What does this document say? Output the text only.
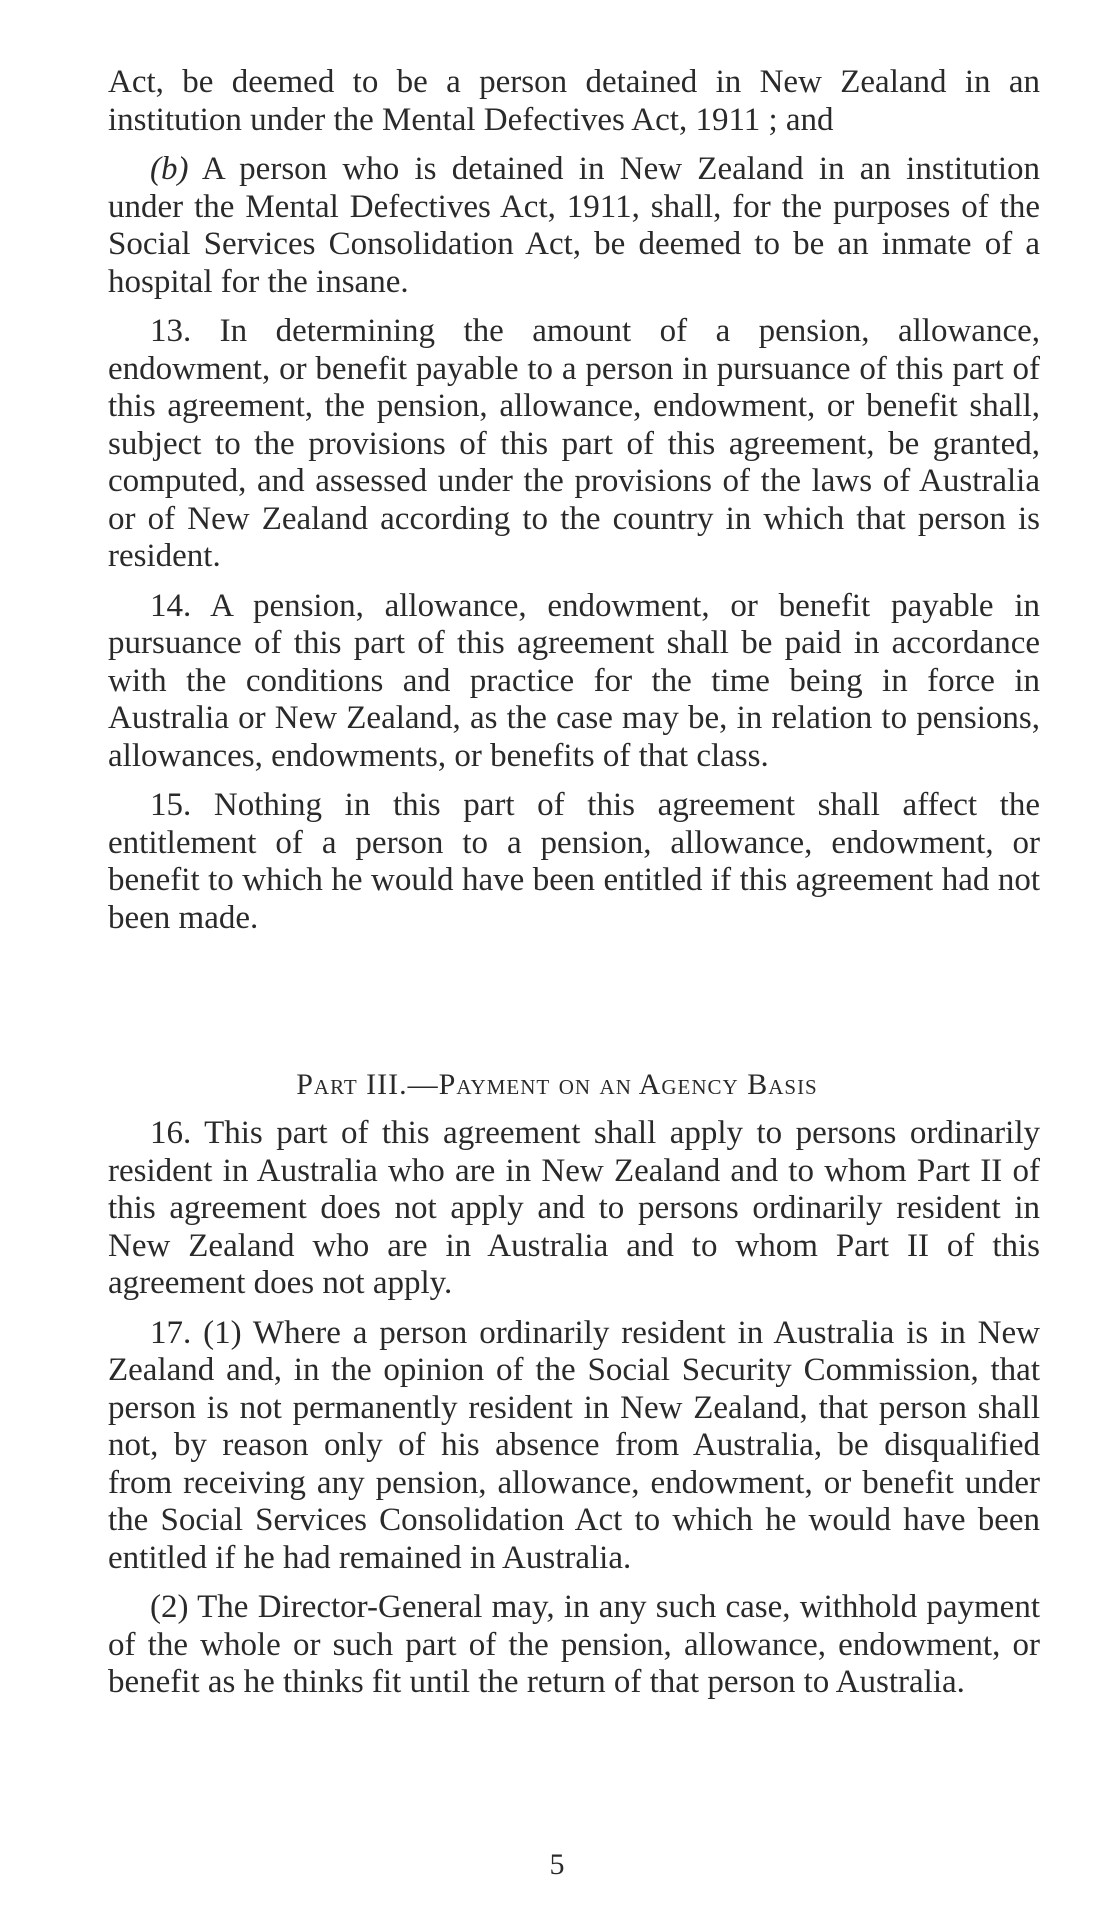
Act, be deemed to be a person detained in New Zealand in an institution under the Mental Defectives Act, 1911 ; and

(b) A person who is detained in New Zealand in an institution under the Mental Defectives Act, 1911, shall, for the purposes of the Social Services Consolidation Act, be deemed to be an inmate of a hospital for the insane.

13. In determining the amount of a pension, allowance, endowment, or benefit payable to a person in pursuance of this part of this agreement, the pension, allowance, endowment, or benefit shall, subject to the provisions of this part of this agreement, be granted, computed, and assessed under the provisions of the laws of Australia or of New Zealand according to the country in which that person is resident.

14. A pension, allowance, endowment, or benefit payable in pursuance of this part of this agreement shall be paid in accordance with the conditions and practice for the time being in force in Australia or New Zealand, as the case may be, in relation to pensions, allowances, endowments, or benefits of that class.

15. Nothing in this part of this agreement shall affect the entitlement of a person to a pension, allowance, endowment, or benefit to which he would have been entitled if this agreement had not been made.

Part III.—Payment on an Agency Basis

16. This part of this agreement shall apply to persons ordinarily resident in Australia who are in New Zealand and to whom Part II of this agreement does not apply and to persons ordinarily resident in New Zealand who are in Australia and to whom Part II of this agreement does not apply.

17. (1) Where a person ordinarily resident in Australia is in New Zealand and, in the opinion of the Social Security Commission, that person is not permanently resident in New Zealand, that person shall not, by reason only of his absence from Australia, be disqualified from receiving any pension, allowance, endowment, or benefit under the Social Services Consolidation Act to which he would have been entitled if he had remained in Australia.

(2) The Director-General may, in any such case, withhold payment of the whole or such part of the pension, allowance, endowment, or benefit as he thinks fit until the return of that person to Australia.

5
